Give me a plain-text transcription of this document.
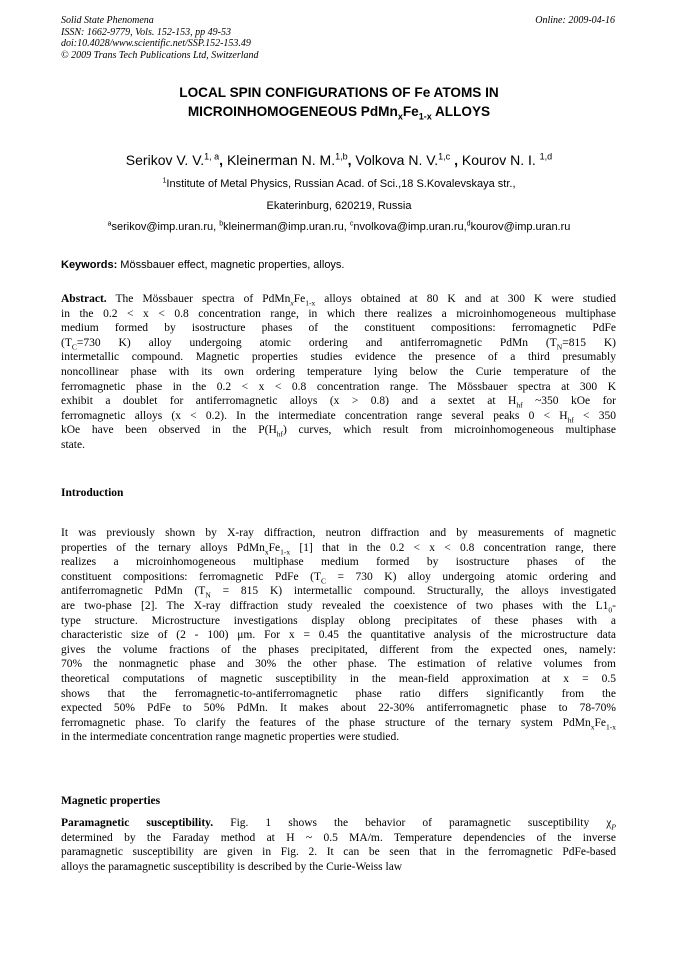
Solid State Phenomena
ISSN: 1662-9779, Vols. 152-153, pp 49-53
doi:10.4028/www.scientific.net/SSP.152-153.49
© 2009 Trans Tech Publications Ltd, Switzerland
Online: 2009-04-16
LOCAL SPIN CONFIGURATIONS OF Fe ATOMS IN
MICROINHOMOGENEOUS $PdMn_xFe_{1-x}$ ALLOYS
Serikov V. V.$^{1, a}$, Kleinerman N. M.$^{1,b}$, Volkova N. V.$^{1,c}$ , Kourov N. I. $^{1,d}$
$^1$Institute of Metal Physics, Russian Acad. of Sci.,18 S.Kovalevskaya str.,
Ekaterinburg, 620219, Russia
$^a$serikov@imp.uran.ru, $^b$kleinerman@imp.uran.ru, $^c$nvolkova@imp.uran.ru,$^d$kourov@imp.uran.ru
Keywords: Mössbauer effect, magnetic properties, alloys.
Abstract. The Mössbauer spectra of $PdMn_xFe_{1-x}$ alloys obtained at 80 K and at 300 K were studied
in the 0.2 < x < 0.8 concentration range, in which there realizes a microinhomogeneous multiphase
medium formed by isostructure phases of the constituent compositions: ferromagnetic PdFe
($T_C=730$ K) alloy undergoing atomic ordering and antiferromagnetic PdMn ($T_N=815$ K)
intermetallic compound. Magnetic properties studies evidence the presence of a third presumably
noncollinear phase with its own ordering temperature lying below the Curie temperature of the
ferromagnetic phase in the 0.2 < x < 0.8 concentration range. The Mössbauer spectra at 300 K
exhibit a doublet for antiferromagnetic alloys (x > 0.8) and a sextet at $H_{hf}$ ~350 kOe for
ferromagnetic alloys (x < 0.2). In the intermediate concentration range several peaks $0 < H_{hf} < 350$
kOe have been observed in the $P(H_{hf})$ curves, which result from microinhomogeneous multiphase
state.
Introduction
It was previously shown by X-ray diffraction, neutron diffraction and by measurements of magnetic
properties of the ternary alloys $PdMn_xFe_{1-x}$ [1] that in the 0.2 < x < 0.8 concentration range, there
realizes a microinhomogeneous multiphase medium formed by isostructure phases of the
constituent compositions: ferromagnetic PdFe ($T_C = 730$ K) alloy undergoing atomic ordering and
antiferromagnetic PdMn ($T_N = 815$ K) intermetallic compound. Structurally, the alloys investigated
are two-phase [2]. The X-ray diffraction study revealed the coexistence of two phases with the $L1_0-$
type structure. Microstructure investigations display oblong precipitates of these phases with a
characteristic size of (2 - 100) μm. For x = 0.45 the quantitative analysis of the microstructure data
gives the volume fractions of the phases precipitated, different from the expected ones, namely:
70% the nonmagnetic phase and 30% the other phase. The estimation of relative volumes from
theoretical computations of magnetic susceptibility in the mean-field approximation at x = 0.5
shows that the ferromagnetic-to-antiferromagnetic phase ratio differs significantly from the
expected 50% PdFe to 50% PdMn. It makes about 22-30% antiferromagnetic phase to 78-70%
ferromagnetic phase. To clarify the features of the phase structure of the ternary system $PdMn_xFe_{1-x}$
in the intermediate concentration range magnetic properties were studied.
Magnetic properties
Paramagnetic susceptibility. Fig. 1 shows the behavior of paramagnetic susceptibility $\chi_P$
determined by the Faraday method at H ~ 0.5 MA/m. Temperature dependencies of the inverse
paramagnetic susceptibility are given in Fig. 2. It can be seen that in the ferromagnetic PdFe-based
alloys the paramagnetic susceptibility is described by the Curie-Weiss law
